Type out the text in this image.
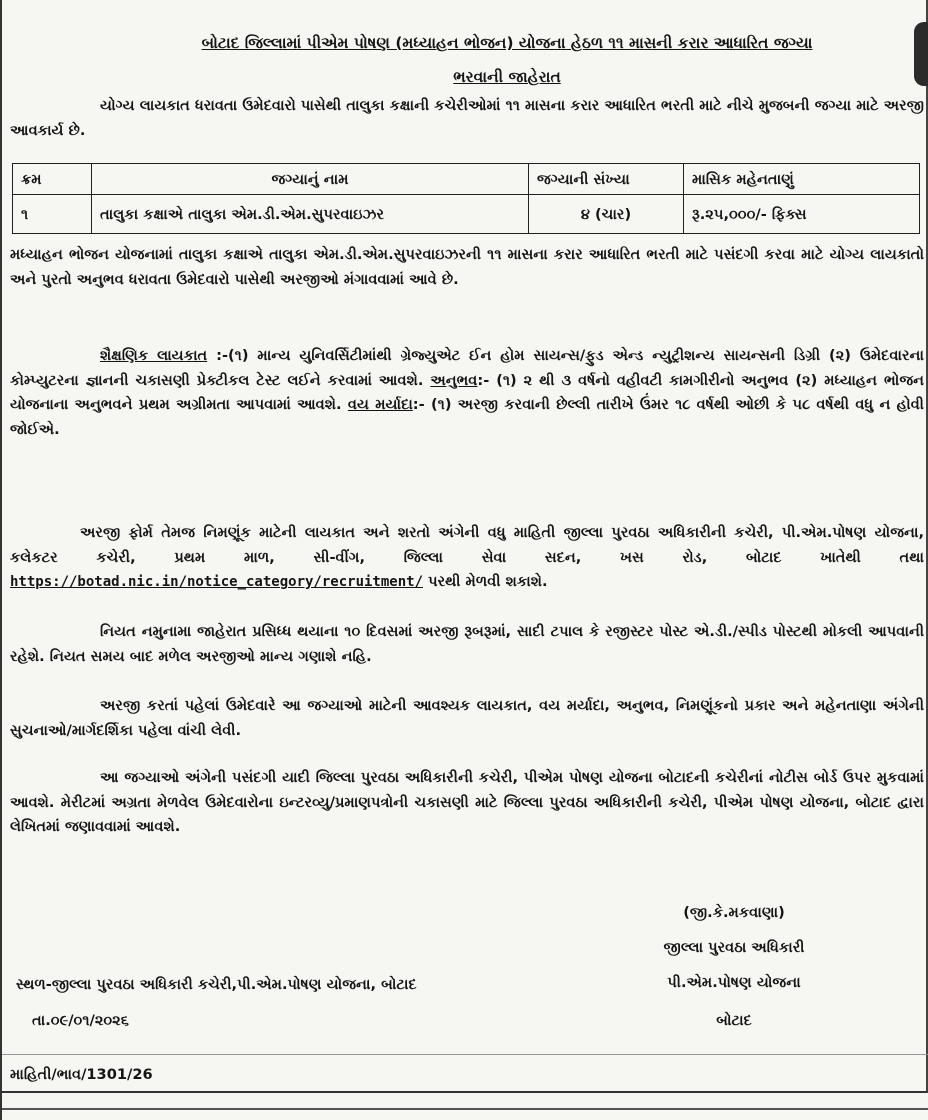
બોટાદ જિલ્લામાં પીએમ પોષણ (મધ્યાહન ભોજન) યોજના હેઠળ ૧૧ માસની કરાર આધારિત જગ્યા
ભરવાની જાહેરાત
યોગ્ય લાયકાત ધરાવતા ઉમેદવારો પાસેથી તાલુકા કક્ષાની કચેરીઓમાં ૧૧ માસના કરાર આધારિત ભરતી માટે નીચે મુજબની જગ્યા માટે અરજી આવકાર્ય છે.
ક્રમ	જગ્યાનું નામ	જગ્યાની સંખ્યા	માસિક મહેનતાણું
૧	તાલુકા કક્ષાએ તાલુકા એમ.ડી.એમ.સુપરવાઇઝર	૪ (ચાર)	રૂ.૨૫,૦૦૦/- ફિક્સ
મધ્યાહન ભોજન યોજનામાં તાલુકા કક્ષાએ તાલુકા એમ.ડી.એમ.સુપરવાઇઝરની ૧૧ માસના કરાર આધારિત ભરતી માટે પસંદગી કરવા માટે યોગ્ય લાયકાતો અને પુરતો અનુભવ ધરાવતા ઉમેદવારો પાસેથી અરજીઓ મંગાવવામાં આવે છે.
શૈક્ષણિક લાયકાત :-(૧) માન્ય યુનિવર્સિટીમાંથી ગ્રેજ્યુએટ ઈન હોમ સાયન્સ/ફુડ એન્ડ ન્યુટ્રીશન્ય સાયન્સની ડિગ્રી (૨) ઉમેદવારના કોમ્પ્યુટરના જ્ઞાનની ચકાસણી પ્રેક્ટીકલ ટેસ્ટ લઈને કરવામાં આવશે. અનુભવ:- (૧) ૨ થી ૩ વર્ષનો વહીવટી કામગીરીનો અનુભવ (૨) મધ્યાહન ભોજન યોજનાના અનુભવને પ્રથમ અગ્રીમતા આપવામાં આવશે. વય મર્યાદા:- (૧) અરજી કરવાની છેલ્લી તારીખે ઉંમર ૧૮ વર્ષથી ઓછી કે ૫૮ વર્ષથી વધુ ન હોવી જોઈએ.
અરજી ફોર્મ તેમજ નિમણૂંક માટેની લાયકાત અને શરતો અંગેની વધુ માહિતી જીલ્લા પુરવઠા અધિકારીની કચેરી, પી.એમ.પોષણ યોજના, કલેકટર કચેરી, પ્રથમ માળ, સી-વીંગ, જિલ્લા સેવા સદન, ખસ રોડ, બોટાદ ખાતેથી તથા https://botad.nic.in/notice_category/recruitment/ પરથી મેળવી શકાશે.
નિયત નમુનામા જાહેરાત પ્રસિધ્ધ થયાના ૧૦ દિવસમાં અરજી રૂબરૂમાં, સાદી ટપાલ કે રજીસ્ટર પોસ્ટ એ.ડી./સ્પીડ પોસ્ટથી મોકલી આપવાની રહેશે. નિયત સમય બાદ મળેલ અરજીઓ માન્ય ગણાશે નહિ.
અરજી કરતાં પહેલાં ઉમેદવારે આ જગ્યાઓ માટેની આવશ્યક લાયકાત, વય મર્યાદા, અનુભવ, નિમણૂંકનો પ્રકાર અને મહેનતાણા અંગેની સુચનાઓ/માર્ગદર્શિકા પહેલા વાંચી લેવી.
આ જગ્યાઓ અંગેની પસંદગી યાદી જિલ્લા પુરવઠા અધિકારીની કચેરી, પીએમ પોષણ યોજના બોટાદની કચેરીનાં નોટીસ બોર્ડ ઉપર મુકવામાં આવશે. મેરીટમાં અગ્રતા મેળવેલ ઉમેદવારોના ઇન્ટરવ્યુ/પ્રમાણપત્રોની ચકાસણી માટે જિલ્લા પુરવઠા અધિકારીની કચેરી, પીએમ પોષણ યોજના, બોટાદ દ્વારા લેખિતમાં જણાવવામાં આવશે.
(જી.કે.મકવાણા)
જીલ્લા પુરવઠા અધિકારી
પી.એમ.પોષણ યોજના
બોટાદ
સ્થળ-જીલ્લા પુરવઠા અધિકારી કચેરી,પી.એમ.પોષણ યોજના, બોટાદ
તા.૦૯/૦૧/૨૦૨૬
માહિતી/ભાવ/1301/26
